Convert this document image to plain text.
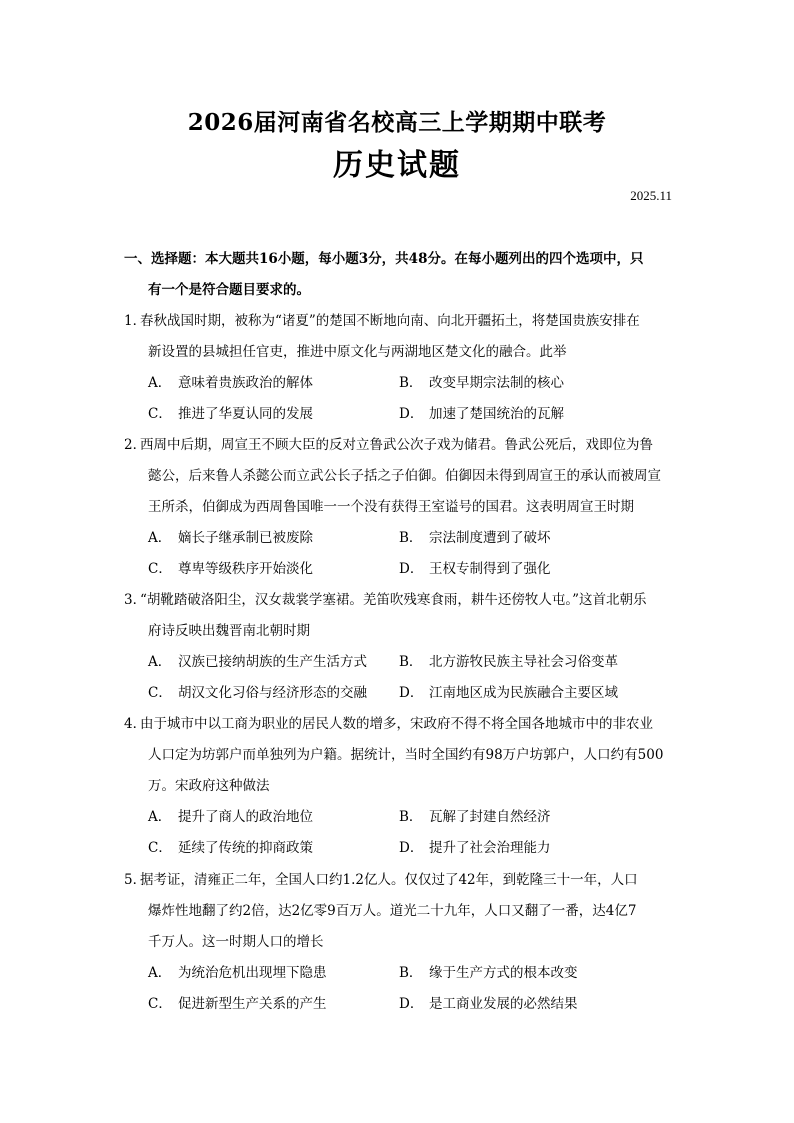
2026届河南省名校高三上学期期中联考
历史试题
2025.11
一、选择题：本大题共16小题，每小题3分，共48分。在每小题列出的四个选项中，只
有一个是符合题目要求的。
1．春秋战国时期，被称为“诸夏”的楚国不断地向南、向北开疆拓土，将楚国贵族安排在
新设置的县城担任官吏，推进中原文化与两湖地区楚文化的融合。此举
A． 意味着贵族政治的解体	B． 改变早期宗法制的核心
C． 推进了华夏认同的发展	D． 加速了楚国统治的瓦解
2．西周中后期，周宣王不顾大臣的反对立鲁武公次子戏为储君。鲁武公死后，戏即位为鲁
懿公，后来鲁人杀懿公而立武公长子括之子伯御。伯御因未得到周宣王的承认而被周宣
王所杀，伯御成为西周鲁国唯一一个没有获得王室谥号的国君。这表明周宣王时期
A． 嫡长子继承制已被废除	B． 宗法制度遭到了破坏
C． 尊卑等级秩序开始淡化	D． 王权专制得到了强化
3．“胡靴踏破洛阳尘，汉女裁裳学塞裙。羌笛吹残寒食雨，耕牛还傍牧人屯。”这首北朝乐
府诗反映出魏晋南北朝时期
A． 汉族已接纳胡族的生产生活方式 B． 北方游牧民族主导社会习俗变革
C． 胡汉文化习俗与经济形态的交融 D． 江南地区成为民族融合主要区域
4．由于城市中以工商为职业的居民人数的增多，宋政府不得不将全国各地城市中的非农业
人口定为坊郭户而单独列为户籍。据统计，当时全国约有98万户坊郭户，人口约有500
万。宋政府这种做法
A． 提升了商人的政治地位	B． 瓦解了封建自然经济
C． 延续了传统的抑商政策	D． 提升了社会治理能力
5．据考证，清雍正二年，全国人口约1.2亿人。仅仅过了42年，到乾隆三十一年，人口
爆炸性地翻了约2倍，达2亿零9百万人。道光二十九年，人口又翻了一番，达4亿7
千万人。这一时期人口的增长
A． 为统治危机出现埋下隐患	B． 缘于生产方式的根本改变
C． 促进新型生产关系的产生	D． 是工商业发展的必然结果
